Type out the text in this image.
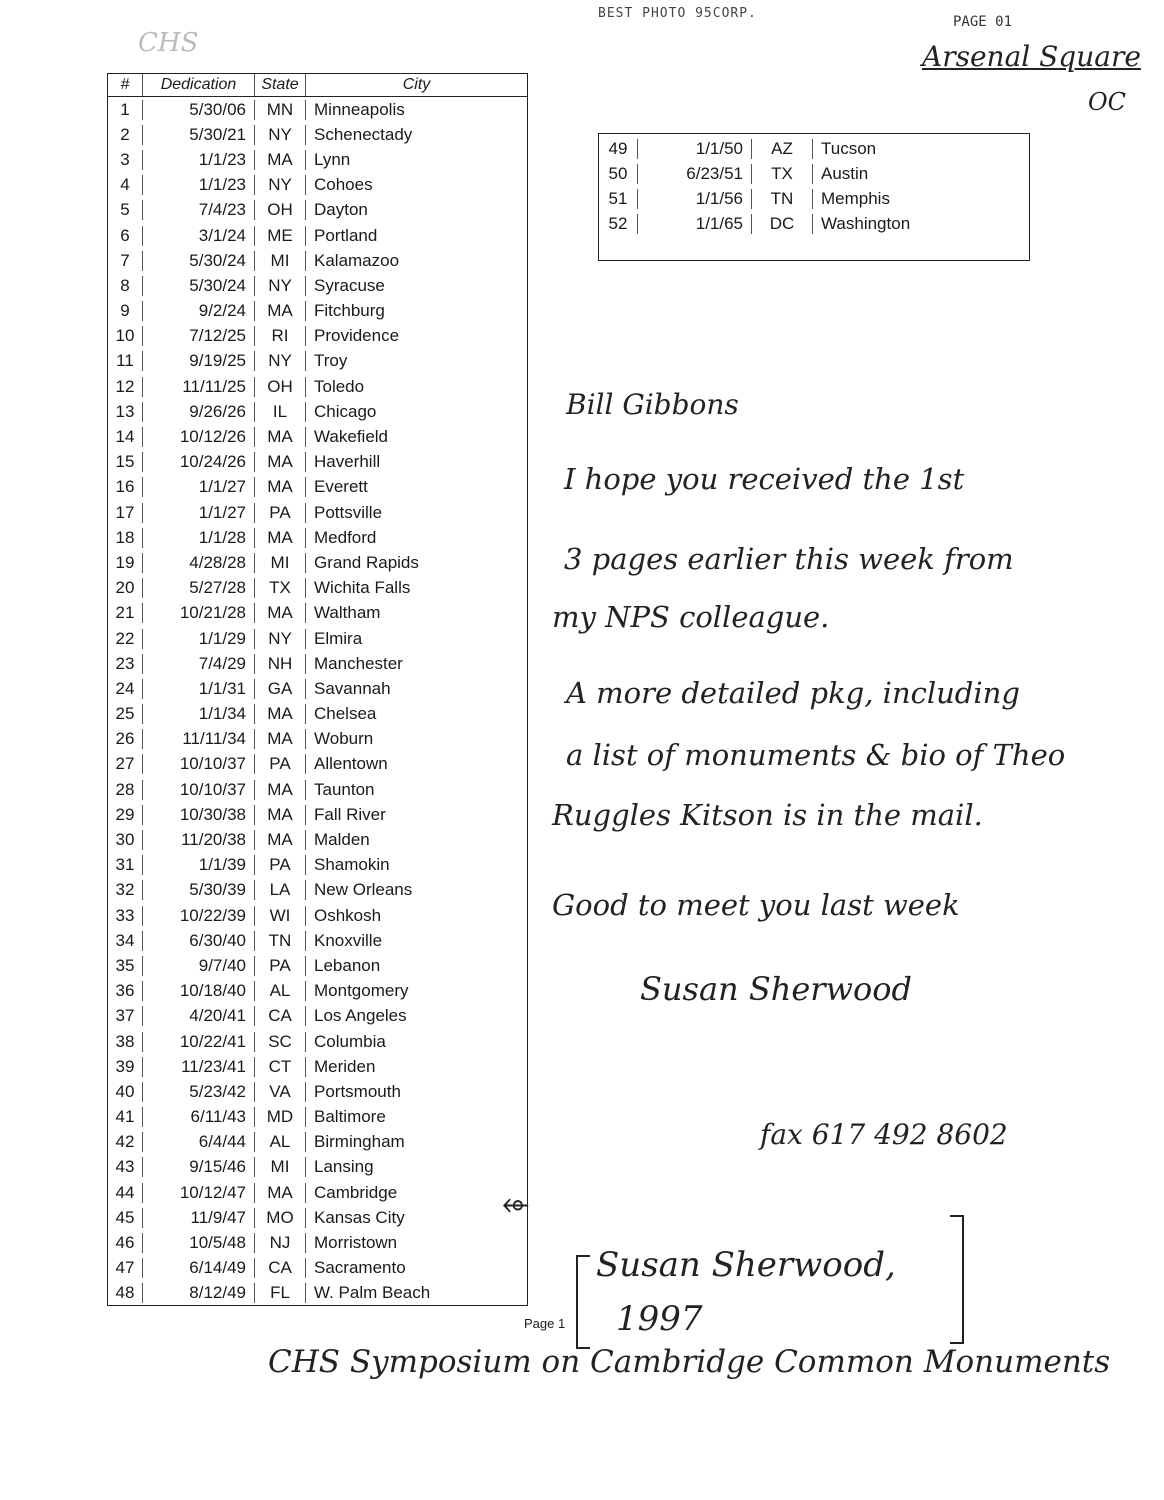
BEST PHOTO 95CORP.
PAGE 01
CHS	Arsenal Square
OC
#	Dedication	State	City
1	5/30/06	MN	Minneapolis
2	5/30/21	NY	Schenectady
3	1/1/23	MA	Lynn
4	1/1/23	NY	Cohoes
5	7/4/23	OH	Dayton
6	3/1/24	ME	Portland
7	5/30/24	MI	Kalamazoo
8	5/30/24	NY	Syracuse
9	9/2/24	MA	Fitchburg
10	7/12/25	RI	Providence
11	9/19/25	NY	Troy
12	11/11/25	OH	Toledo
13	9/26/26	IL	Chicago
14	10/12/26	MA	Wakefield
15	10/24/26	MA	Haverhill
16	1/1/27	MA	Everett
17	1/1/27	PA	Pottsville
18	1/1/28	MA	Medford
19	4/28/28	MI	Grand Rapids
20	5/27/28	TX	Wichita Falls
21	10/21/28	MA	Waltham
22	1/1/29	NY	Elmira
23	7/4/29	NH	Manchester
24	1/1/31	GA	Savannah
25	1/1/34	MA	Chelsea
26	11/11/34	MA	Woburn
27	10/10/37	PA	Allentown
28	10/10/37	MA	Taunton
29	10/30/38	MA	Fall River
30	11/20/38	MA	Malden
31	1/1/39	PA	Shamokin
32	5/30/39	LA	New Orleans
33	10/22/39	WI	Oshkosh
34	6/30/40	TN	Knoxville
35	9/7/40	PA	Lebanon
36	10/18/40	AL	Montgomery
37	4/20/41	CA	Los Angeles
38	10/22/41	SC	Columbia
39	11/23/41	CT	Meriden
40	5/23/42	VA	Portsmouth
41	6/11/43	MD	Baltimore
42	6/4/44	AL	Birmingham
43	9/15/46	MI	Lansing
44	10/12/47	MA	Cambridge
45	11/9/47	MO	Kansas City
46	10/5/48	NJ	Morristown
47	6/14/49	CA	Sacramento
48	8/12/49	FL	W. Palm Beach
49	1/1/50	AZ	Tucson
50	6/23/51	TX	Austin
51	1/1/56	TN	Memphis
52	1/1/65	DC	Washington
Bill Gibbons
I hope you received the 1st
3 pages earlier this week from
my NPS colleague.
A more detailed pkg, including
a list of monuments & bio of Theo
Ruggles Kitson is in the mail.
Good to meet you last week
Susan Sherwood
fax 617 492 8602
⬰
Page 1
Susan Sherwood,
1997
CHS Symposium on Cambridge Common Monuments
